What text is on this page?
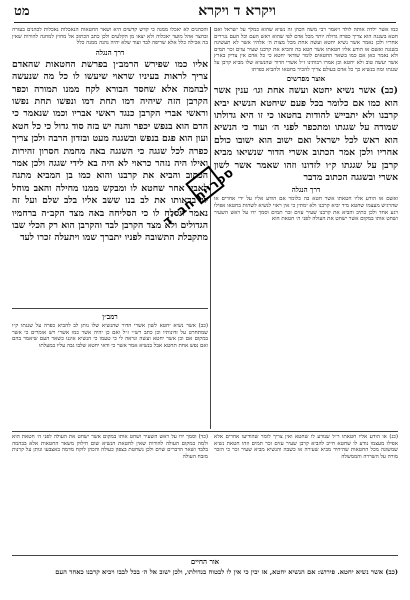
מט	ויקרא ד ויקרא
כמו אשר ילדה אותה לולד ויאמר רבי משה הכהן זה נשיא שהוא כמלך על ישראל ואם חטא בשגגה הוא צריך כפרה גדולה יותר מכל אדם לפי שהוא ראש העם וכל העם נגררים אחריו ולכן נאמר אשר נשיא יחטא ועשה אחת מכל מצות ה׳ אלהיו אשר לא תעשינה בשגגה ואשם או הודע אליו חטאתו אשר חטא בה והביא את קרבנו שעיר עזים זכר תמים ולא נאמר כאן אם כמו בשאר החטאים לומר שודאי יחטא כי כל אדם אין צדיק בארץ אשר יעשה טוב ולא יחטא וכן אמרו רבותינו ז״ל אשרי הדור שהנשיא שלו מביא קרבן על שגגתו ומה בנשיא כך כל אדם בעולם צריך להכיר בחטאו ולהביא כפרתו
אוצר מפרשים
(כב) אשר נשיא יחטא ועשה אחת וגו׳ ענין אשר הוא כמו אם כלומר בכל פעם שיחטא הנשיא יביא קרבנו ולא יתבייש להודות בחטאו כי זו היא גדולתו שמודה על שגגתו ומתכפר לפני ה׳ ועוד כי הנשיא הוא ראש לכל ישראל ואם ישוב הוא ישובו כולם אחריו ולכן אמר הכתוב אשרי הדור שנשיאו מביא קרבן על שגגתו ק״ו לזדונו וזהו שאמר אשר לשון אשרי ובשגגה הכתוב מדבר
דרך הנגלה
ואשם או הודע אליו חטאתו אשר חטא בה כלומר אם הודע אליו על ידי אחרים או שהרגיש מעצמו שחטא מיד יביא קרבנו ולא ימתין כי אין ראוי לנשיא לשהות בחטאו אפילו רגע אחד ולכן כתיב והביא את קרבנו שעיר עזים זכר תמים וסמך ידו על ראש השעיר ושחט אותו במקום אשר ישחט את העולה לפני ה׳ חטאת הוא
והכהנים לא יאכלו ממנה כי קדש קדשים היא ושאר החטאות הנאכלות נאכלות לכהנים בעזרה ובחצר אהל מועד יאכלוה ולא יצאו מן הקלעים ולכן כתב הכתוב אל מחוץ למחנה להורות שאין בה אכילה כלל אלא שריפה לבד ועוד שלא יהיה נהנה ממנה כלל
דרך הנגלה
אליו כמו שפירש הרמב״ן בפרשת החטאות שהאדם צריך לראות בעיניו שראוי שיעשו לו כל מה שנעשה לבהמה אלא שחסד הבורא לקח ממנו תמורה וכפר הקרבן הזה שיהיה דמו תחת דמו ונפשו תחת נפשו וראשי אברי הקרבן כנגד ראשי אבריו וכמו שנאמר כי הדם הוא בנפש יכפר והנה יש בזה סוד גדול כי כל חטא ועון הוא פגם בנפש ובשגגה מעט ובזדון הרבה ולכן צריך כפרה לכל שגגה כי השגגה באה מחמת חסרון זהירות ואילו היה נזהר כראוי לא היה בא לידי שגגה ולכן אמר הכתוב והביא את קרבנו והוא כמו בן המביא מתנה לאביו אחר שחטא לו ומבקש ממנו מחילה והאב מוחל לו בראותו את לב בנו ששב אליו בלב שלם ועל זה נאמר ונסלח לו כי הסליחה באה מצד הקב״ה ברחמיו הגדולים ולא מצד הקרבן לבד והקרבן הוא רק הכלי שבו מתקבלת התשובה לפניו יתברך שמו ויתעלה זכרו לעד
רמב״ן
(כב) אשר נשיא יחטא לשון אשרי הדור שהנשיא שלו נותן לב להביא כפרה על שגגתו ק״ו שמתחרט על זדונותיו וכן כתב רש״י ז״ל ואם כן יהיה אשר כמו אשרי ויש אומרים כי אשר במקום אם וכן אשר יחטא ועשה ונראה לי כי טעמו כי הנשיא איננו כשאר העם שיאמר בהם ואם נפש אחת תחטא אבל בנשיא אמר אשר כי ודאי יחטא שלבו גבה עליו במעלתו
(כג) או הודע אליו חטאתו ר״ל שנודע לו שחטא ואין צריך לומר שהודיעו אחרים אלא אפילו מעצמו נודע לו שחטא חייב להביא קרבן שעיר עזים זכר תמים וזהו חטאת נשיא שמשונה מכל החטאות שהיחיד מביא שעירה או כשבה והנשיא מביא שעיר זכר כי הזכר מורה על השררה והממשלה
(כד) וסמך ידו על ראש השעיר ושחט אותו במקום אשר ישחט את העולה לפני ה׳ חטאת הוא ולמה במקום העולה להורות שאין לחטאת הנשיא שום חילוק משאר החטאות אלא בבהמה בלבד ושאר הדברים שוים ולכן נשחטת בצפון כעולה והכהן לוקח מדמה באצבעו ונותן על קרנות מזבח העולה
אור החיים
(כב) אשר נשיא יחטא. פירוש: אם הנשיא יחטא, אז יבין כי אין לו לבטוח בגדולתו, ולכן ישוב אל ה׳ בכל לבבו ויביא קרבנו כאחד העם
ספריית חב״ד
